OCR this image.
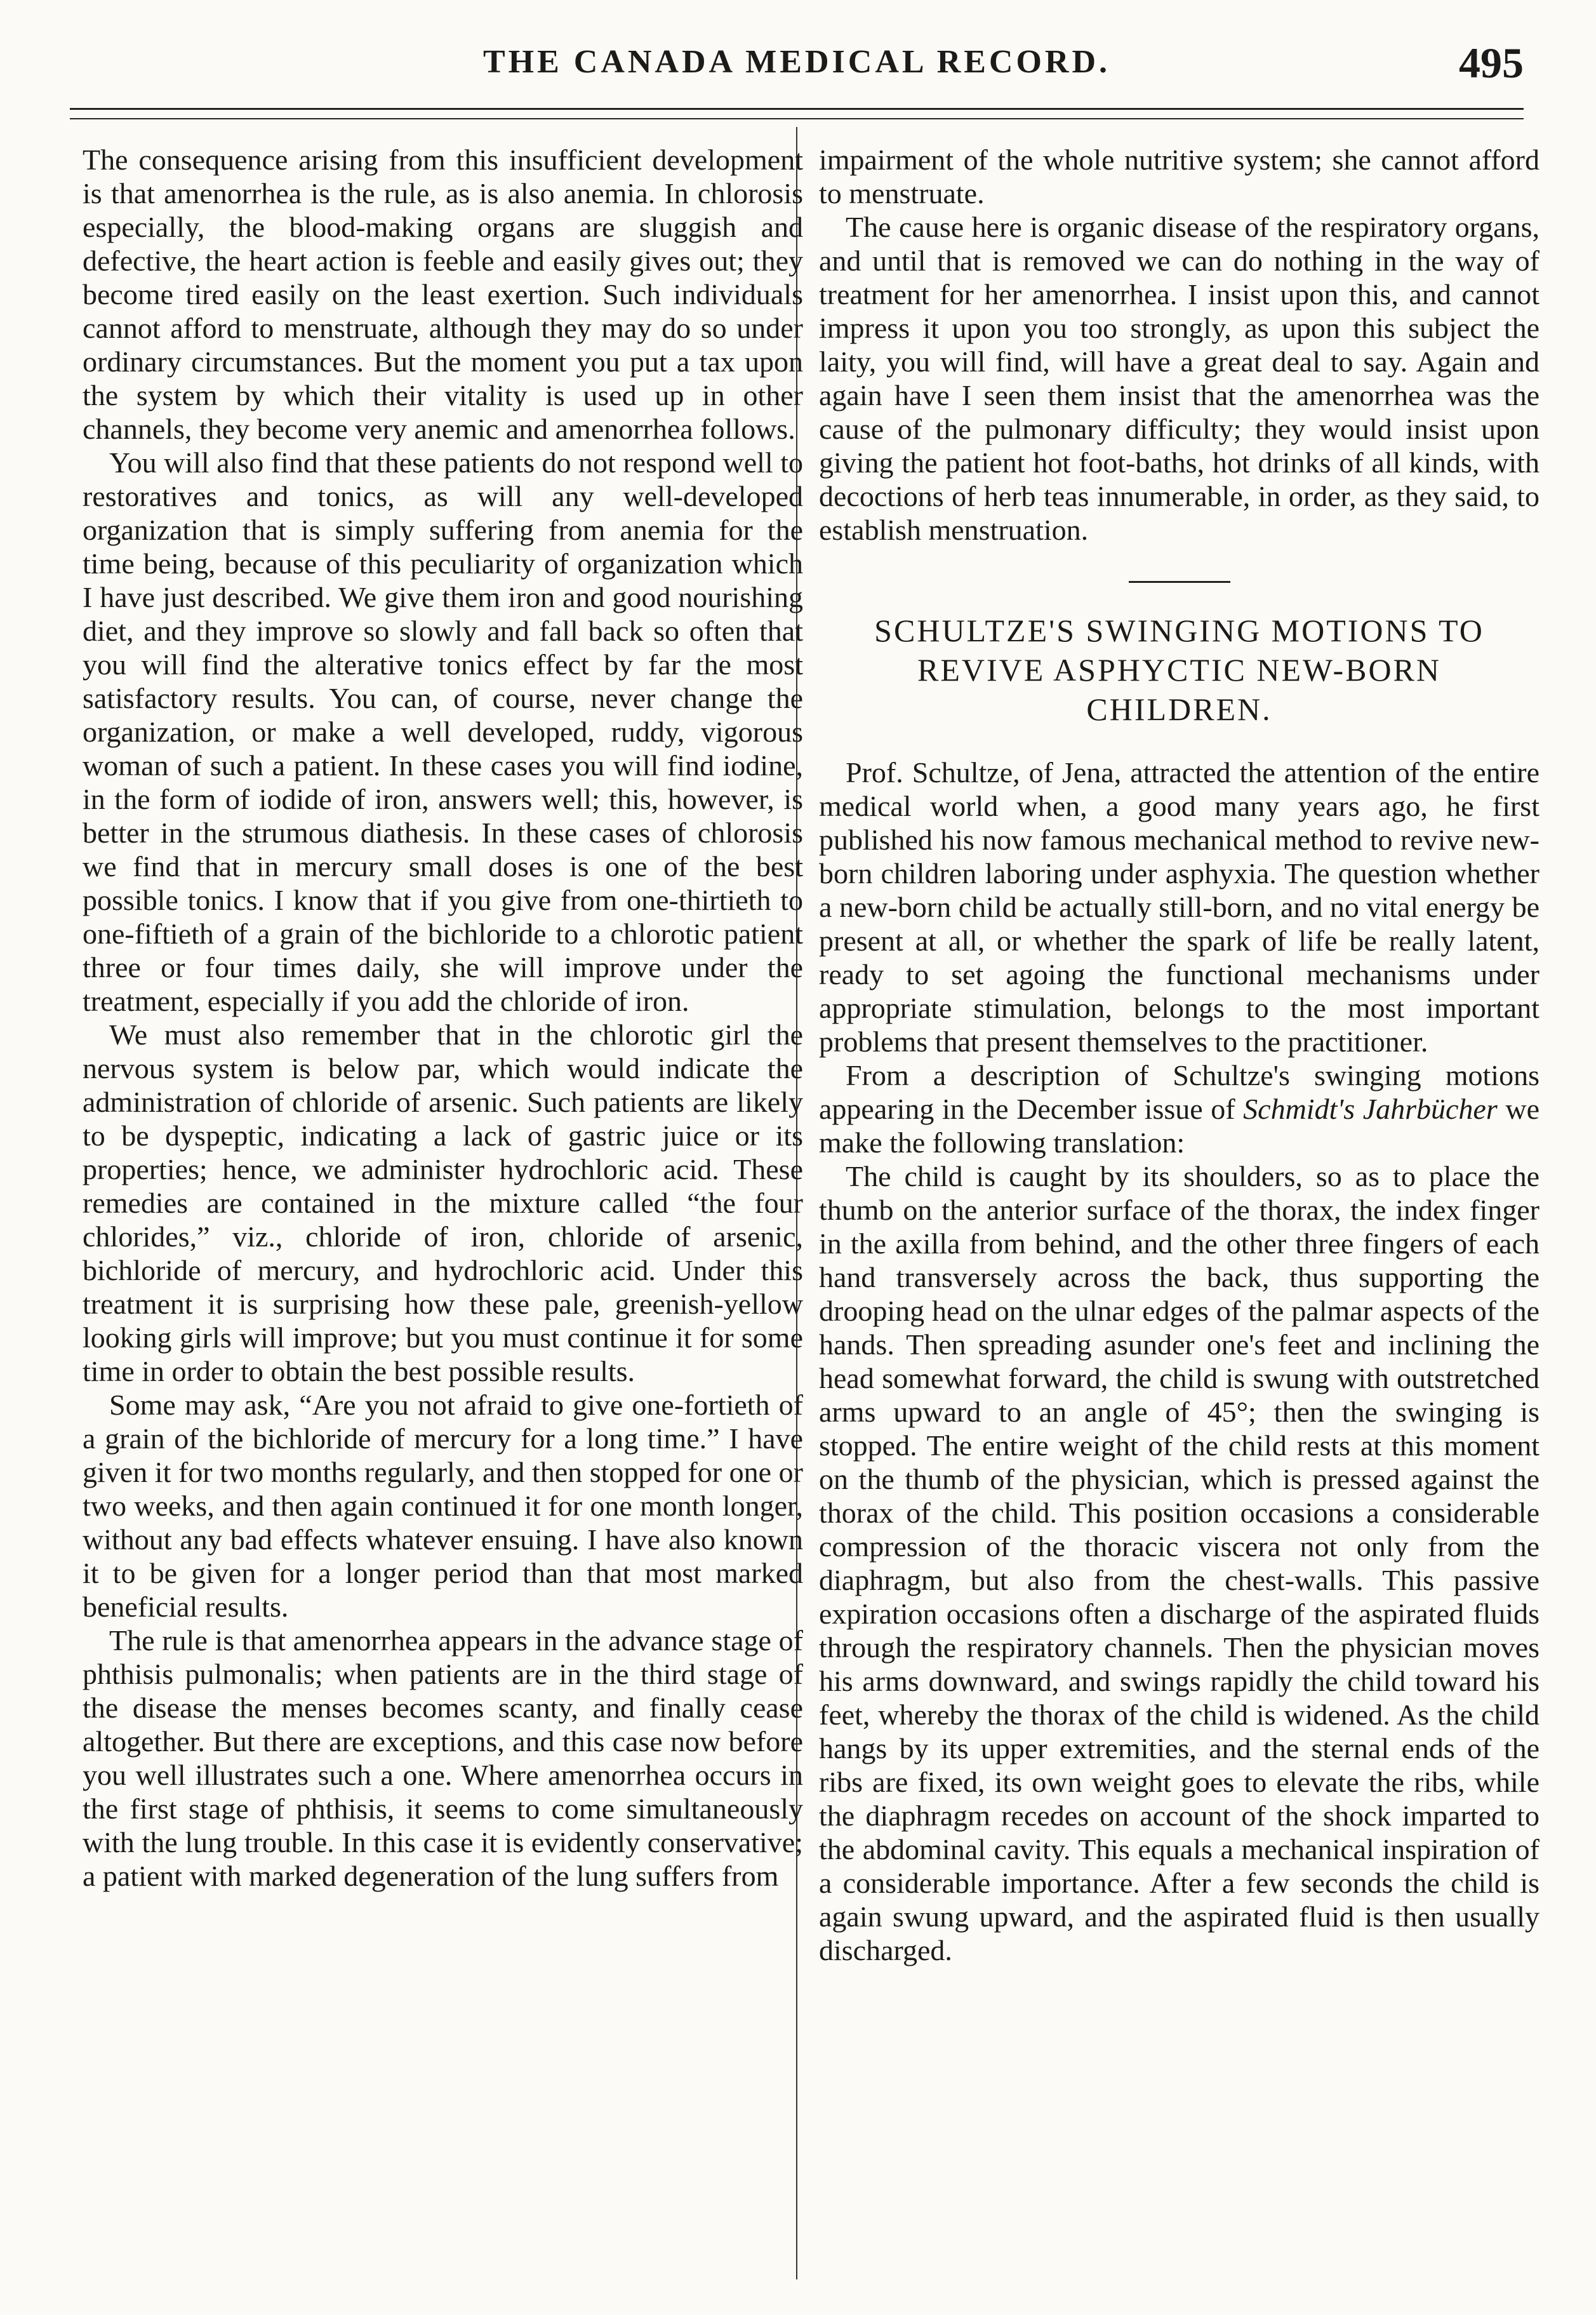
THE CANADA MEDICAL RECORD.	495

The consequence arising from this insufficient development is that amenorrhea is the rule, as is also anemia. In chlorosis especially, the blood-making organs are sluggish and defective, the heart action is feeble and easily gives out; they become tired easily on the least exertion. Such individuals cannot afford to menstruate, although they may do so under ordinary circumstances. But the moment you put a tax upon the system by which their vitality is used up in other channels, they become very anemic and amenorrhea follows.

You will also find that these patients do not respond well to restoratives and tonics, as will any well-developed organization that is simply suffering from anemia for the time being, because of this peculiarity of organization which I have just described. We give them iron and good nourishing diet, and they improve so slowly and fall back so often that you will find the alterative tonics effect by far the most satisfactory results. You can, of course, never change the organization, or make a well developed, ruddy, vigorous woman of such a patient. In these cases you will find iodine, in the form of iodide of iron, answers well; this, however, is better in the strumous diathesis. In these cases of chlorosis we find that in mercury small doses is one of the best possible tonics. I know that if you give from one-thirtieth to one-fiftieth of a grain of the bichloride to a chlorotic patient three or four times daily, she will improve under the treatment, especially if you add the chloride of iron.

We must also remember that in the chlorotic girl the nervous system is below par, which would indicate the administration of chloride of arsenic. Such patients are likely to be dyspeptic, indicating a lack of gastric juice or its properties; hence, we administer hydrochloric acid. These remedies are contained in the mixture called “the four chlorides,” viz., chloride of iron, chloride of arsenic, bichloride of mercury, and hydrochloric acid. Under this treatment it is surprising how these pale, greenish-yellow looking girls will improve; but you must continue it for some time in order to obtain the best possible results.

Some may ask, “Are you not afraid to give one-fortieth of a grain of the bichloride of mercury for a long time.” I have given it for two months regularly, and then stopped for one or two weeks, and then again continued it for one month longer, without any bad effects whatever ensuing. I have also known it to be given for a longer period than that most marked beneficial results.

The rule is that amenorrhea appears in the advance stage of phthisis pulmonalis; when patients are in the third stage of the disease the menses becomes scanty, and finally cease altogether. But there are exceptions, and this case now before you well illustrates such a one. Where amenorrhea occurs in the first stage of phthisis, it seems to come simultaneously with the lung trouble. In this case it is evidently conservative; a patient with marked degeneration of the lung suffers from

impairment of the whole nutritive system; she cannot afford to menstruate.

The cause here is organic disease of the respiratory organs, and until that is removed we can do nothing in the way of treatment for her amenorrhea. I insist upon this, and cannot impress it upon you too strongly, as upon this subject the laity, you will find, will have a great deal to say. Again and again have I seen them insist that the amenorrhea was the cause of the pulmonary difficulty; they would insist upon giving the patient hot foot-baths, hot drinks of all kinds, with decoctions of herb teas innumerable, in order, as they said, to establish menstruation.

SCHULTZE'S SWINGING MOTIONS TO REVIVE ASPHYCTIC NEW-BORN CHILDREN.

Prof. Schultze, of Jena, attracted the attention of the entire medical world when, a good many years ago, he first published his now famous mechanical method to revive new-born children laboring under asphyxia. The question whether a new-born child be actually still-born, and no vital energy be present at all, or whether the spark of life be really latent, ready to set agoing the functional mechanisms under appropriate stimulation, belongs to the most important problems that present themselves to the practitioner.

From a description of Schultze's swinging motions appearing in the December issue of Schmidt's Jahrbücher we make the following translation:

The child is caught by its shoulders, so as to place the thumb on the anterior surface of the thorax, the index finger in the axilla from behind, and the other three fingers of each hand transversely across the back, thus supporting the drooping head on the ulnar edges of the palmar aspects of the hands. Then spreading asunder one's feet and inclining the head somewhat forward, the child is swung with outstretched arms upward to an angle of 45°; then the swinging is stopped. The entire weight of the child rests at this moment on the thumb of the physician, which is pressed against the thorax of the child. This position occasions a considerable compression of the thoracic viscera not only from the diaphragm, but also from the chest-walls. This passive expiration occasions often a discharge of the aspirated fluids through the respiratory channels. Then the physician moves his arms downward, and swings rapidly the child toward his feet, whereby the thorax of the child is widened. As the child hangs by its upper extremities, and the sternal ends of the ribs are fixed, its own weight goes to elevate the ribs, while the diaphragm recedes on account of the shock imparted to the abdominal cavity. This equals a mechanical inspiration of a considerable importance. After a few seconds the child is again swung upward, and the aspirated fluid is then usually discharged.
